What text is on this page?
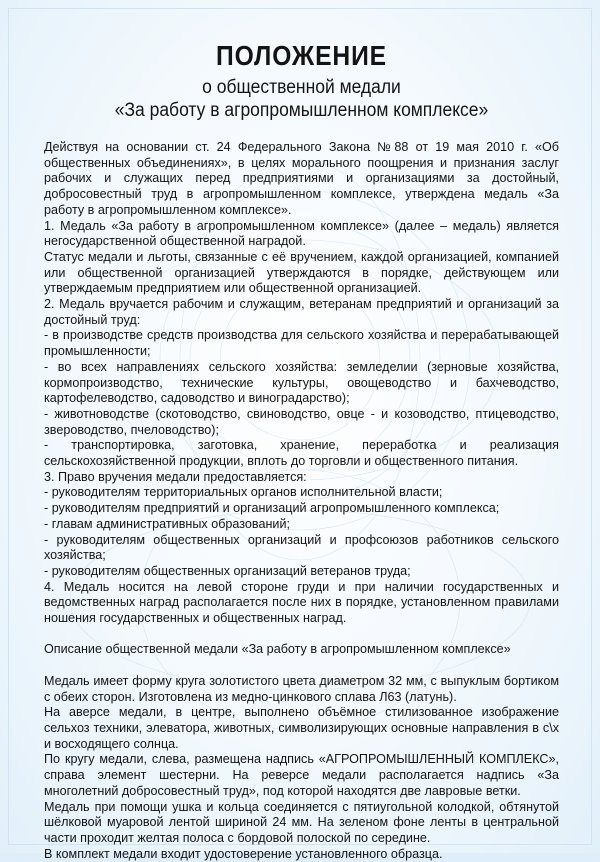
ПОЛОЖЕНИЕ
о общественной медали
«За работу в агропромышленном комплексе»

Действуя на основании ст. 24 Федерального Закона №88 от 19 мая 2010 г. «Об общественных объединениях», в целях морального поощрения и признания заслуг рабочих и служащих перед предприятиями и организациями за достойный, добросовестный труд в агропромышленном комплексе, утверждена медаль «За работу в агропромышленном комплексе».

1. Медаль «За работу в агропромышленном комплексе» (далее – медаль) является негосударственной общественной наградой.

Статус медали и льготы, связанные с её вручением, каждой организацией, компанией или общественной организацией утверждаются в порядке, действующем или утверждаемым предприятием или общественной организацией.

2. Медаль вручается рабочим и служащим, ветеранам предприятий и организаций за достойный труд:

- в производстве средств производства для сельского хозяйства и перерабатывающей промышленности;

- во всех направлениях сельского хозяйства: земледелии (зерновые хозяйства, кормопроизводство, технические культуры, овощеводство и бахчеводство, картофелеводство, садоводство и виноградарство);

- животноводстве (скотоводство, свиноводство, овце - и козоводство, птицеводство, звероводство, пчеловодство);

- транспортировка, заготовка, хранение, переработка и реализация сельскохозяйственной продукции, вплоть до торговли и общественного питания.

3. Право вручения медали предоставляется:

- руководителям территориальных органов исполнительной власти;

- руководителям предприятий и организаций агропромышленного комплекса;

- главам административных образований;

- руководителям общественных организаций и профсоюзов работников сельского хозяйства;

- руководителям общественных организаций ветеранов труда;

4. Медаль носится на левой стороне груди и при наличии государственных и ведомственных наград располагается после них в порядке, установленном правилами ношения государственных и общественных наград.

Описание общественной медали «За работу в агропромышленном комплексе»

Медаль имеет форму круга золотистого цвета диаметром 32 мм, с выпуклым бортиком с обеих сторон. Изготовлена из медно-цинкового сплава Л63 (латунь).

На аверсе медали, в центре, выполнено объёмное стилизованное изображение сельхоз техники, элеватора, животных, символизирующих основные направления в с\х и восходящего солнца.

По кругу медали, слева, размещена надпись «АГРОПРОМЫШЛЕННЫЙ КОМПЛЕКС», справа элемент шестерни. На реверсе медали располагается надпись «За многолетний добросовестный труд», под которой находятся две лавровые ветки.

Медаль при помощи ушка и кольца соединяется с пятиугольной колодкой, обтянутой шёлковой муаровой лентой шириной 24 мм. На зеленом фоне ленты в центральной части проходит желтая полоса с бордовой полоской по середине.

В комплект медали входит удостоверение установленного образца.
